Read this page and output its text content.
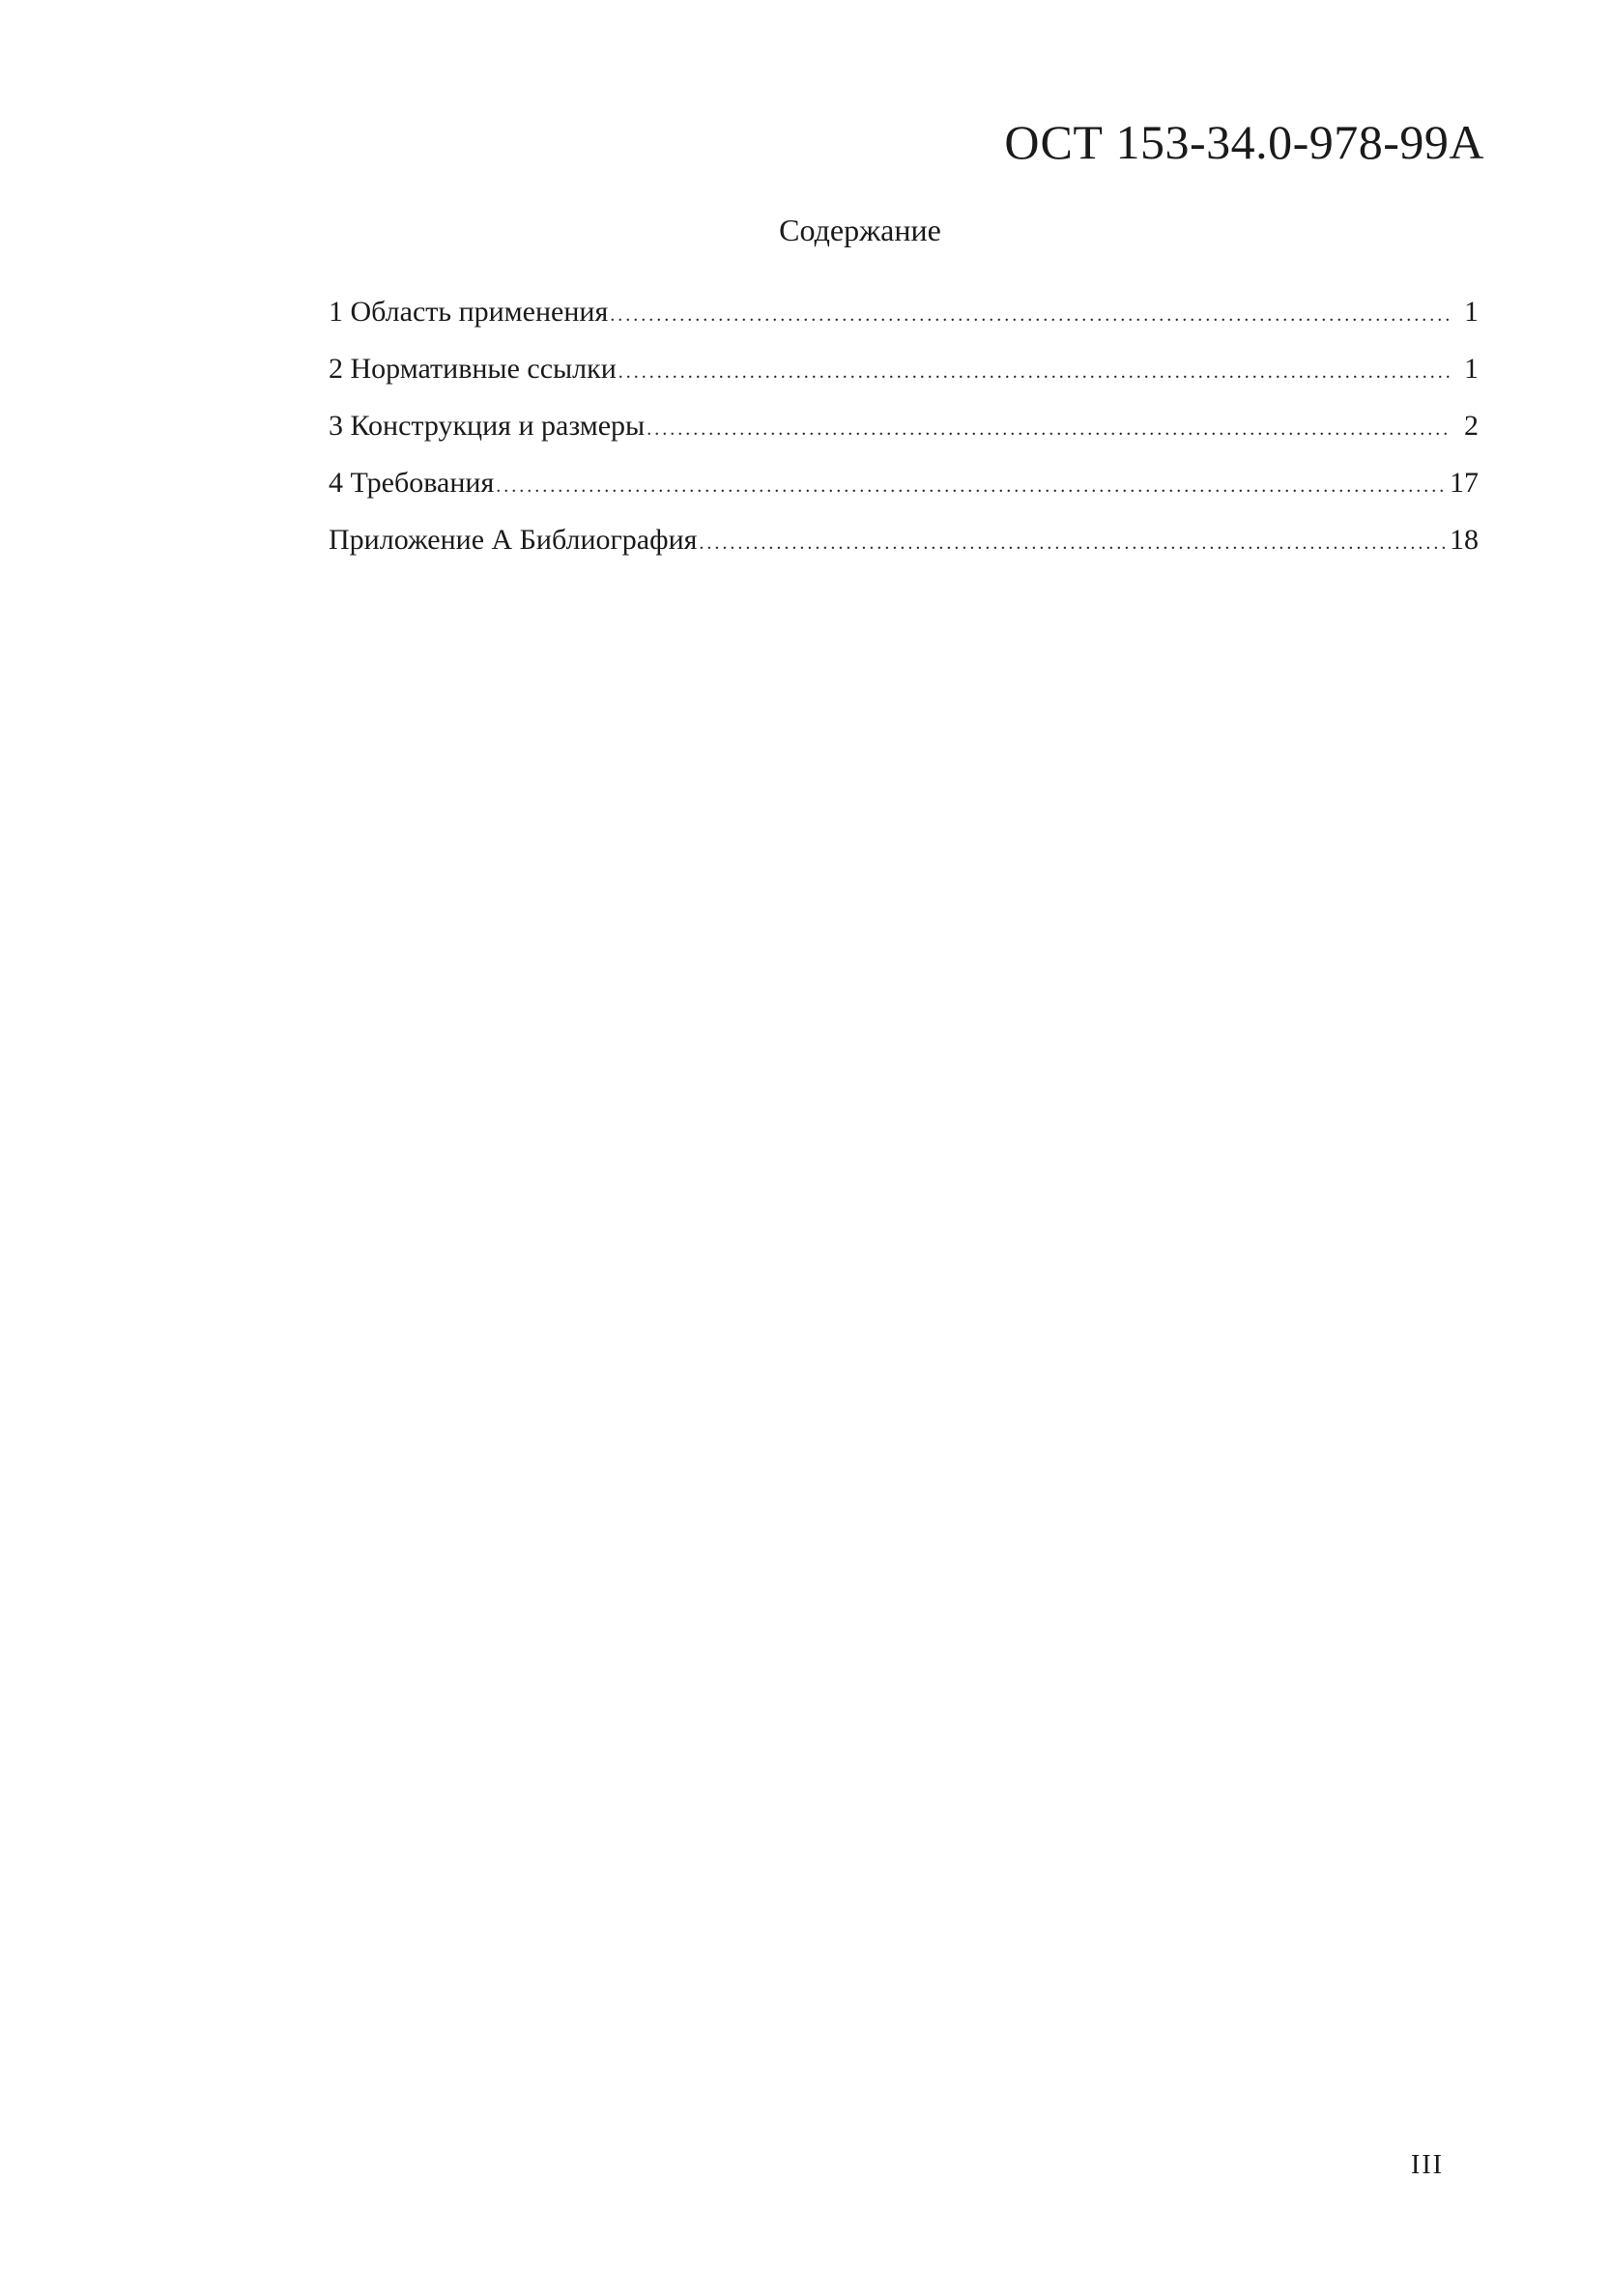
ОСТ 153-34.0-978-99А
Содержание
1 Область применения .....	1
2 Нормативные ссылки .....	1
3 Конструкция и размеры .....	2
4 Требования .....	17
Приложение А Библиография .....	18
III
